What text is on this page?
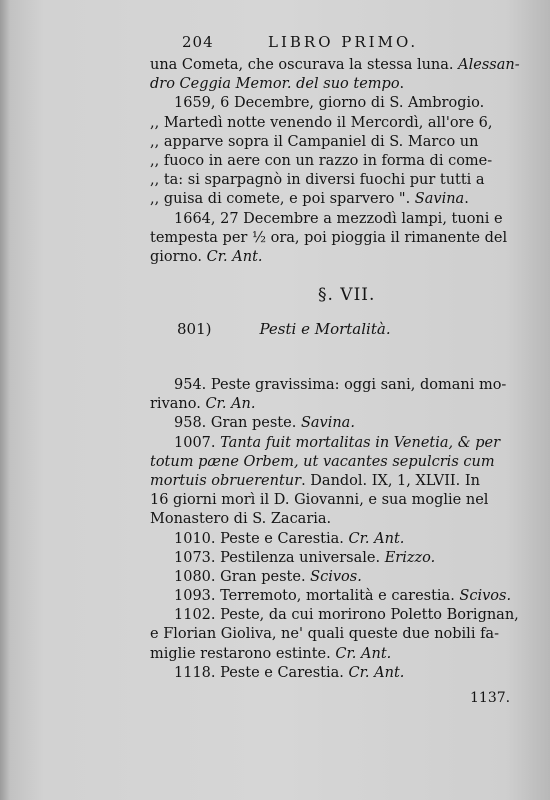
204	LIBRO PRIMO.
una Cometa, che oscurava la stessa luna. Alessan-
dro Ceggia Memor. del suo tempo.
1659, 6 Decembre, giorno di S. Ambrogio.
,, Martedì notte venendo il Mercordì, all'ore 6,
,, apparve sopra il Campaniel di S. Marco un
,, fuoco in aere con un razzo in forma di come-
,, ta: si sparpagnò in diversi fuochi pur tutti a
,, guisa di comete, e poi sparvero ". Savina.
1664, 27 Decembre a mezzodì lampi, tuoni e
tempesta per ½ ora, poi pioggia il rimanente del
giorno. Cr. Ant.
§. VII.
801)	Pesti e Mortalità.
954. Peste gravissima: oggi sani, domani mo-
rivano. Cr. An.
958. Gran peste. Savina.
1007. Tanta fuit mortalitas in Venetia, & per
totum pæne Orbem, ut vacantes sepulcris cum
mortuis obruerentur. Dandol. IX, 1, XLVII. In
16 giorni morì il D. Giovanni, e sua moglie nel
Monastero di S. Zacaria.
1010. Peste e Carestia. Cr. Ant.
1073. Pestilenza universale. Erizzo.
1080. Gran peste. Scivos.
1093. Terremoto, mortalità e carestia. Scivos.
1102. Peste, da cui morirono Poletto Borignan,
e Florian Gioliva, ne' quali queste due nobili fa-
miglie restarono estinte. Cr. Ant.
1118. Peste e Carestia. Cr. Ant.
1137.
